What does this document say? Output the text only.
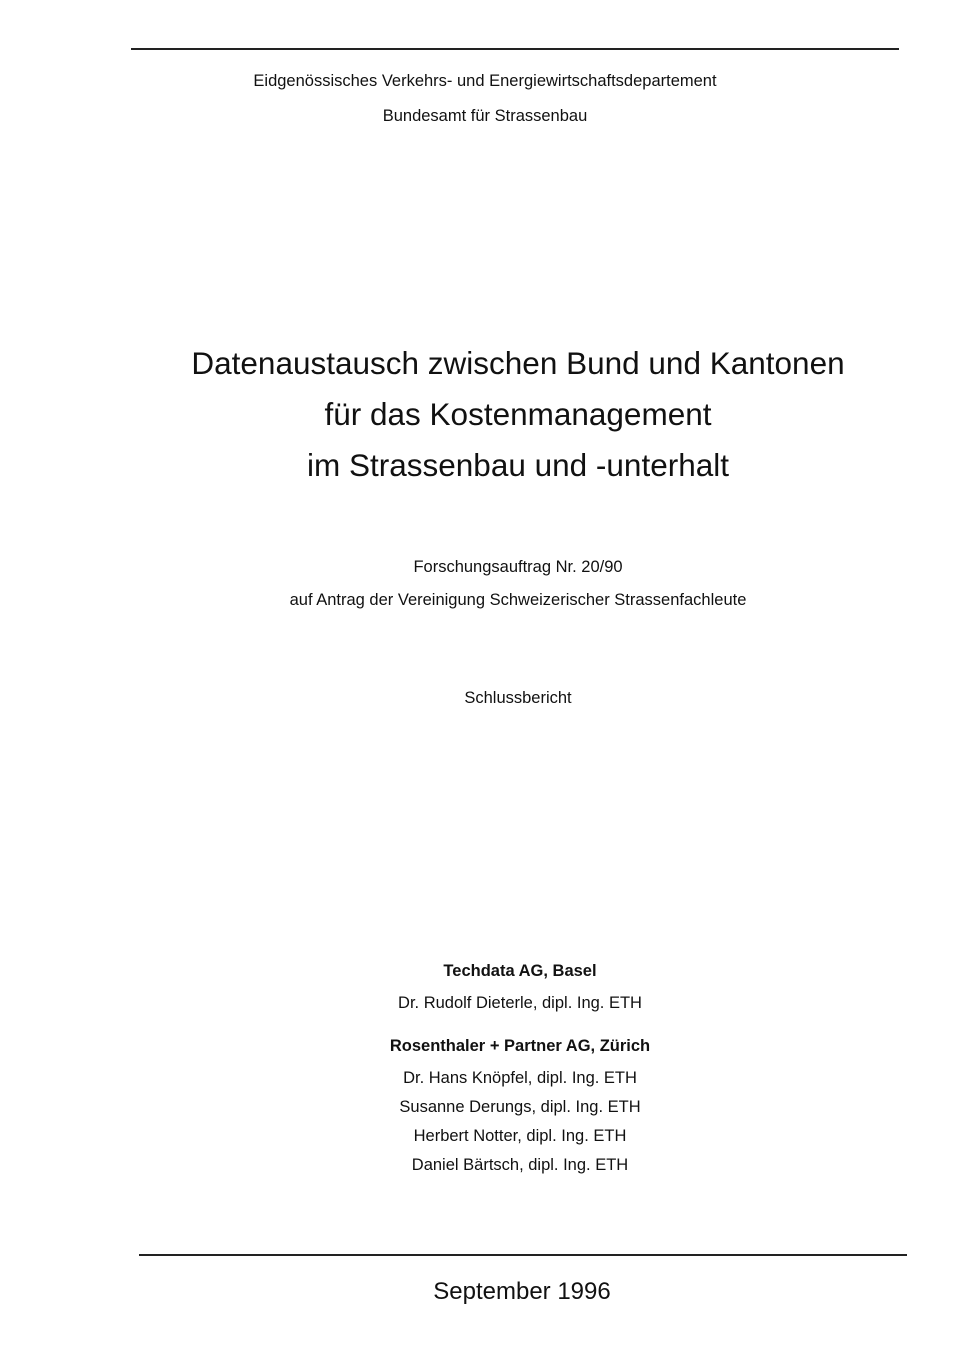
Eidgenössisches Verkehrs- und Energiewirtschaftsdepartement
Bundesamt für Strassenbau
Datenaustausch zwischen Bund und Kantonen
für das Kostenmanagement
im Strassenbau und -unterhalt
Forschungsauftrag Nr. 20/90
auf Antrag der Vereinigung Schweizerischer Strassenfachleute
Schlussbericht
Techdata AG, Basel
Dr. Rudolf Dieterle, dipl. Ing. ETH
Rosenthaler + Partner AG, Zürich
Dr. Hans Knöpfel, dipl. Ing. ETH
Susanne Derungs, dipl. Ing. ETH
Herbert Notter, dipl. Ing. ETH
Daniel Bärtsch, dipl. Ing. ETH
September 1996
